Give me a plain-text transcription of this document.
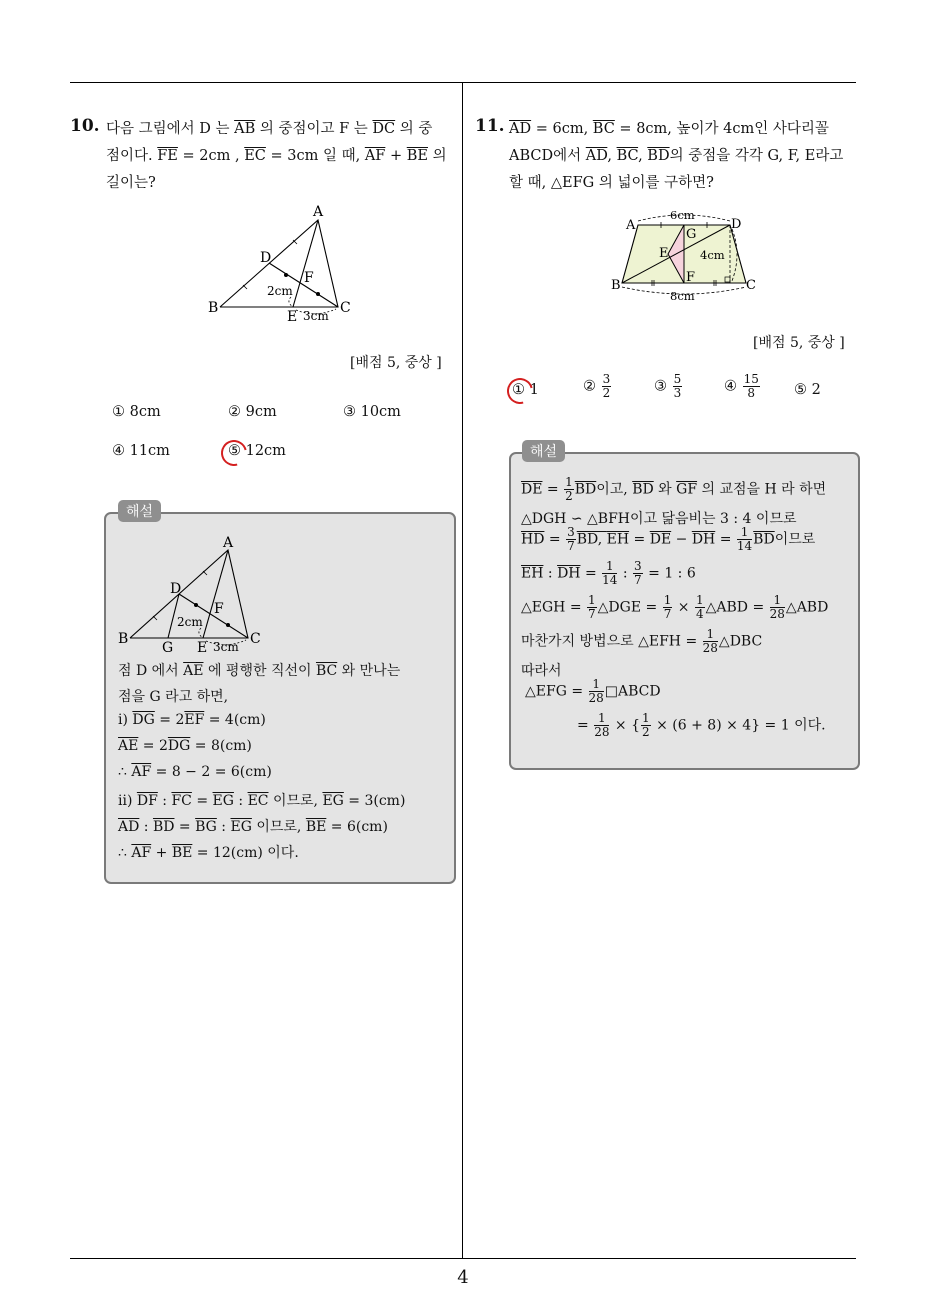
4
10. 다음 그림에서 D 는 $\overline{AB}$ 의 중점이고 F 는 $\overline{DC}$ 의 중
점이다. $\overline{FE} = 2cm$ , $\overline{EC} = 3cm$ 일 때, $\overline{AF} + \overline{BE}$ 의
길이는?
A
B	C
D
E
F
2cm
3cm
[배점 5, 중상 ]
① 8cm	② 9cm	③ 10cm
④ 11cm	⑤ 12cm
A
B	C
D
E
F
G
2cm
3cm
점 D 에서 $\overline{AE}$ 에 평행한 직선이 $\overline{BC}$ 와 만나는
점을 G 라고 하면,
ⅰ) $\overline{DG} = 2\overline{EF} = 4(cm)$
$\overline{AE} = 2\overline{DG} = 8(cm)$
∴ $\overline{AF} = 8 - 2 = 6(cm)$
ⅱ) $\overline{DF}$ : $\overline{FC} = \overline{EG}$ : $\overline{EC}$ 이므로, $\overline{EG} = 3(cm)$
$\overline{AD}$ : $\overline{BD} = \overline{BG}$ : $\overline{EG}$ 이므로, $\overline{BE} = 6(cm)$
∴ $\overline{AF} + \overline{BE} = 12(cm)$ 이다.
해설
11. $\overline{AD} = 6cm$, $\overline{BC} = 8cm$, 높이가 4cm인 사다리꼴
ABCD에서 $\overline{AD}$, $\overline{BC}$, $\overline{BD}$의 중점을 각각 G, F, E라고
할 때, △EFG 의 넓이를 구하면?
A	D
B	C
G
E
F
6cm
4cm
8cm
[배점 5, 중상 ]
① 1	② $\frac{3}{2}$	③ $\frac{5}{3}$	④ $\frac{15}{8}$ ⑤ 2
$\overline{DE} = \frac{1}{2} \overline{BD}$이고, $\overline{BD}$ 와 $\overline{GF}$ 의 교점을 H 라 하면
△DGH ∽ △BFH이고 닮음비는 3 : 4 이므로
$\overline{HD} = \frac{3}{7}$ BD, $\overline{EH} = \overline{DE} - \overline{DH} = \frac{1}{14} \overline{BD}$이므로
$\overline{EH}$ : $\overline{DH} = \frac{1}{14}$ : $\frac{3}{7} = 1$ : 6
△EGH = $\frac{1}{7}$ △DGE = $\frac{1}{7} \times \frac{1}{4}$ △ABD = $\frac{1}{28}$ △ABD
마찬가지 방법으로 △EFH = $\frac{1}{28}$ △DBC
따라서
△EFG = $\frac{1}{28}$ □ABCD
= $\frac{1}{28}$ × { $\frac{1}{2} \times (6 + 8) \times 4\} = 1$ 이다.
해설
